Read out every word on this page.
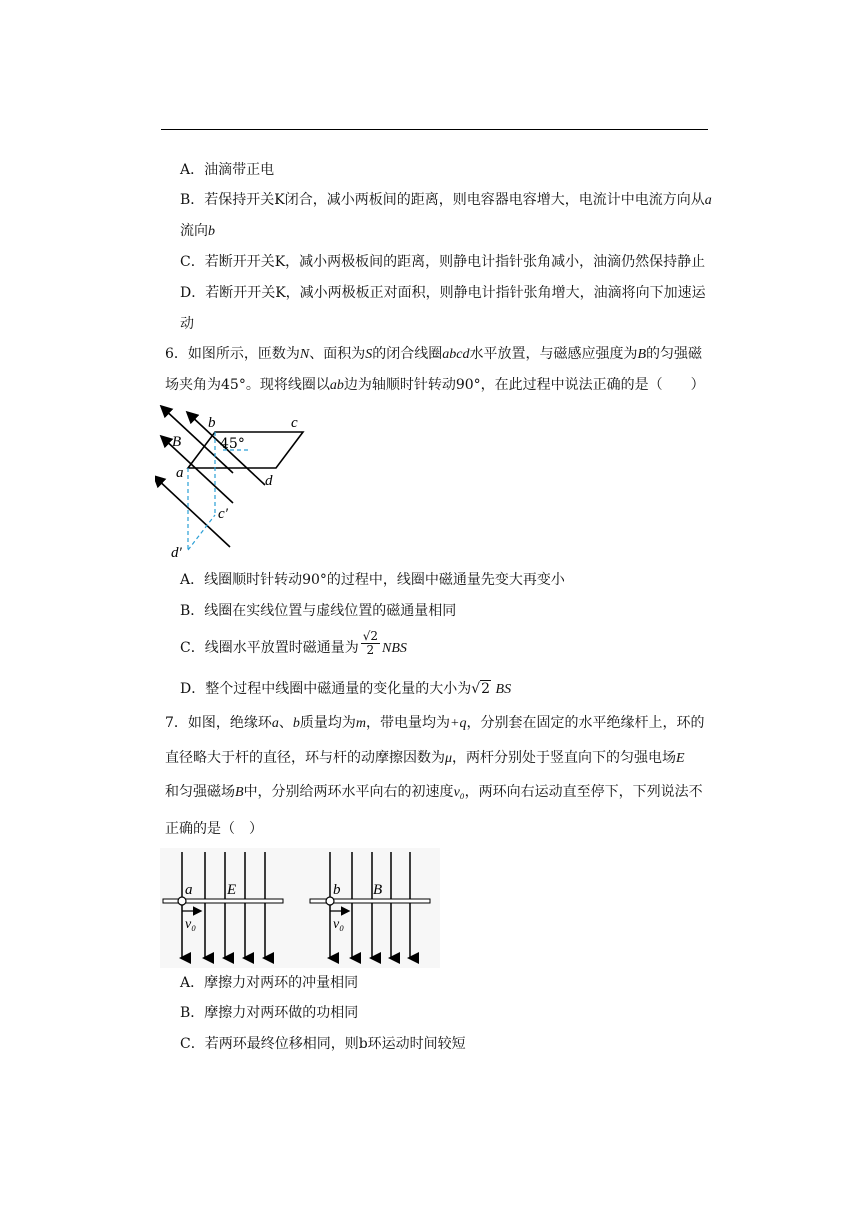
A．油滴带正电
B．若保持开关K闭合，减小两板间的距离，则电容器电容增大，电流计中电流方向从a
流向b
C．若断开开关K，减小两极板间的距离，则静电计指针张角减小，油滴仍然保持静止
D．若断开开关K，减小两极板正对面积，则静电计指针张角增大，油滴将向下加速运
动
6．如图所示，匝数为N、面积为S的闭合线圈abcd水平放置，与磁感应强度为B的匀强磁
场夹角为45°。现将线圈以ab边为轴顺时针转动90°，在此过程中说法正确的是（　　）
b	c
B	45°
a	d
c′
d′
A．线圈顺时针转动90°的过程中，线圈中磁通量先变大再变小
B．线圈在实线位置与虚线位置的磁通量相同
C．线圈水平放置时磁通量为 $\frac{√2}{2}$ NBS
D．整个过程中线圈中磁通量的变化量的大小为√2 BS
7．如图，绝缘环a、b质量均为m，带电量均为+q，分别套在固定的水平绝缘杆上，环的
直径略大于杆的直径，环与杆的动摩擦因数为μ，两杆分别处于竖直向下的匀强电场E
和匀强磁场B中，分别给两环水平向右的初速度v₀，两环向右运动直至停下，下列说法不
正确的是（　）
a E
v₀
b B
v₀
A．摩擦力对两环的冲量相同
B．摩擦力对两环做的功相同
C．若两环最终位移相同，则b环运动时间较短
